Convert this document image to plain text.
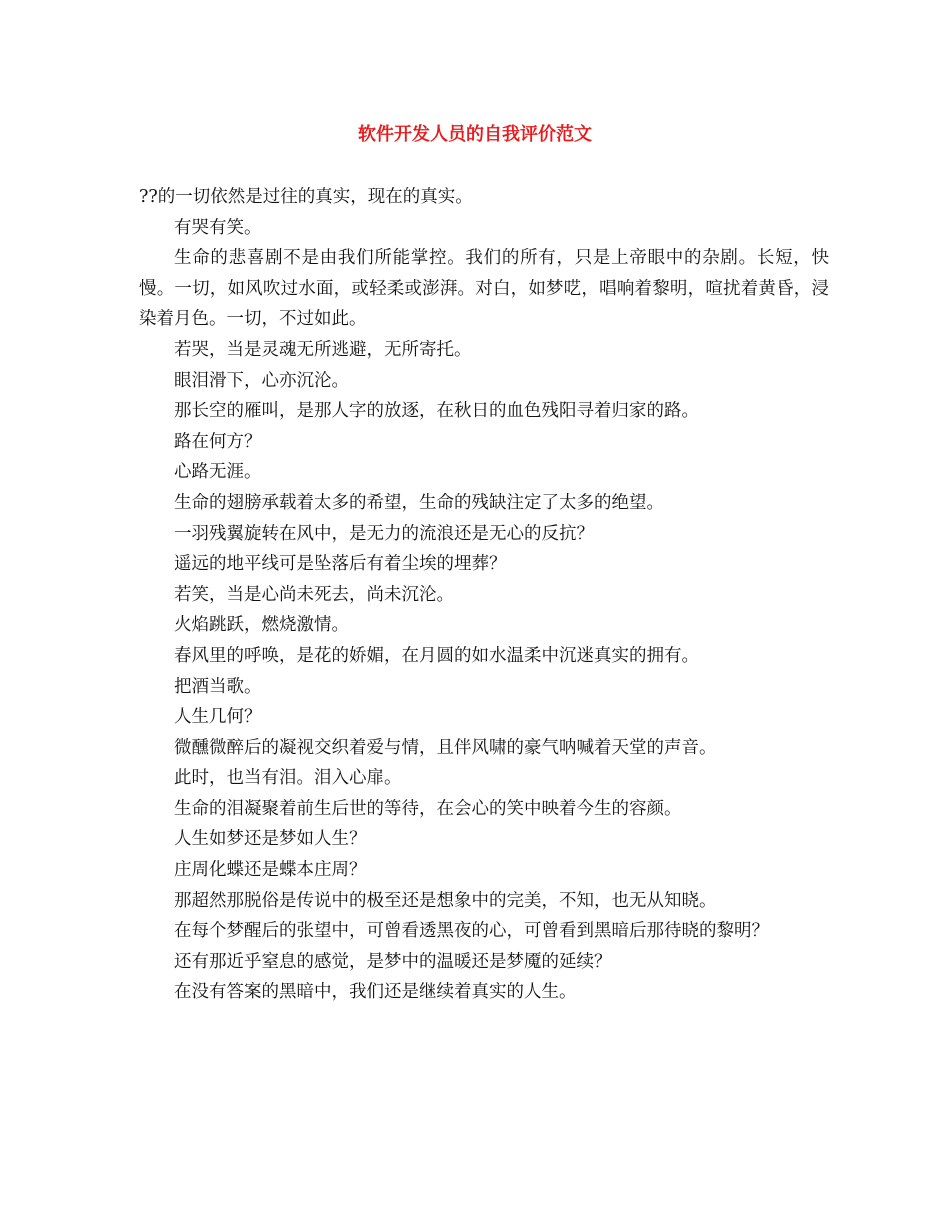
软件开发人员的自我评价范文

??的一切依然是过往的真实，现在的真实。

有哭有笑。

生命的悲喜剧不是由我们所能掌控。我们的所有，只是上帝眼中的杂剧。长短，快慢。一切，如风吹过水面，或轻柔或澎湃。对白，如梦呓，唱响着黎明，喧扰着黄昏，浸染着月色。一切，不过如此。

若哭，当是灵魂无所逃避，无所寄托。

眼泪滑下，心亦沉沦。

那长空的雁叫，是那人字的放逐，在秋日的血色残阳寻着归家的路。

路在何方？

心路无涯。

生命的翅膀承载着太多的希望，生命的残缺注定了太多的绝望。

一羽残翼旋转在风中，是无力的流浪还是无心的反抗？

遥远的地平线可是坠落后有着尘埃的埋葬？

若笑，当是心尚未死去，尚未沉沦。

火焰跳跃，燃烧激情。

春风里的呼唤，是花的娇媚，在月圆的如水温柔中沉迷真实的拥有。

把酒当歌。

人生几何？

微醺微醉后的凝视交织着爱与情，且伴风啸的豪气呐喊着天堂的声音。

此时，也当有泪。泪入心扉。

生命的泪凝聚着前生后世的等待，在会心的笑中映着今生的容颜。

人生如梦还是梦如人生？

庄周化蝶还是蝶本庄周？

那超然那脱俗是传说中的极至还是想象中的完美，不知，也无从知晓。

在每个梦醒后的张望中，可曾看透黑夜的心，可曾看到黑暗后那待晓的黎明？

还有那近乎窒息的感觉，是梦中的温暖还是梦魇的延续？

在没有答案的黑暗中，我们还是继续着真实的人生。
